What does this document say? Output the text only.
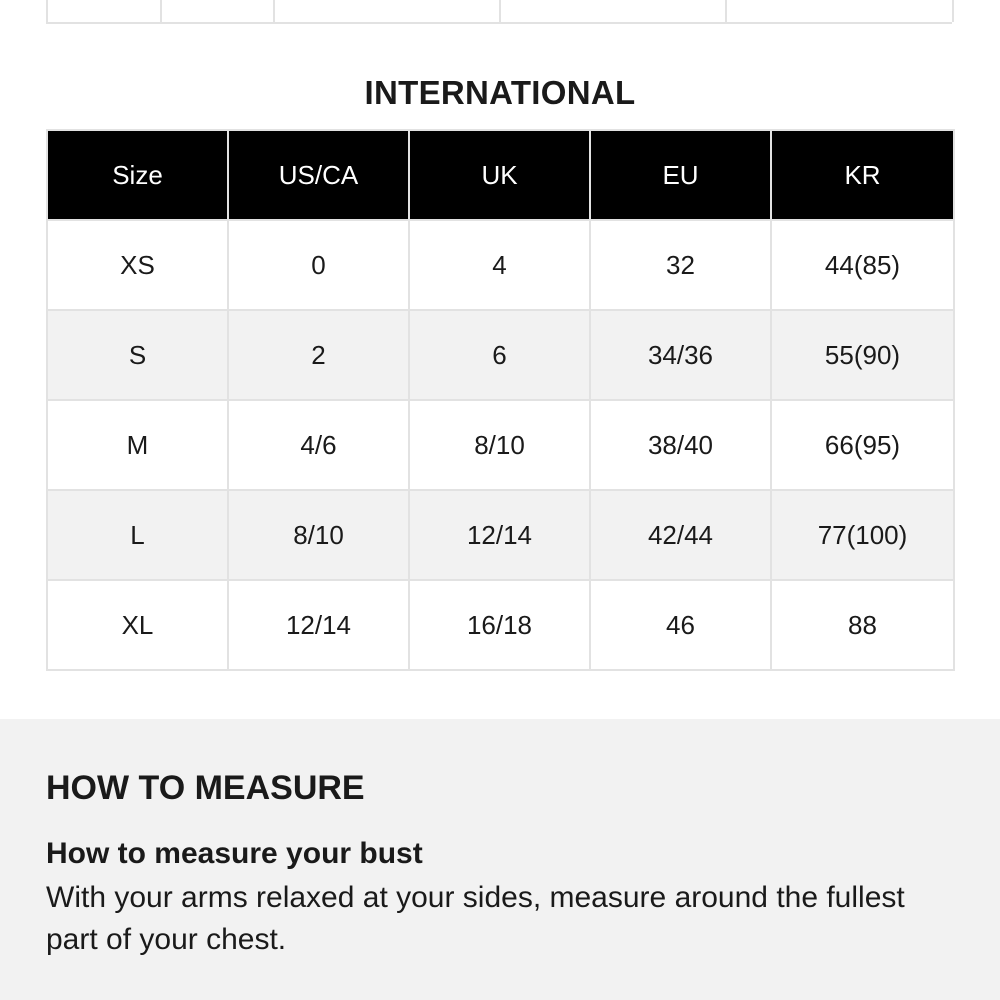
INTERNATIONAL
Size	US/CA	UK	EU	KR
XS	0	4	32	44(85)
S	2	6	34/36	55(90)
M	4/6	8/10	38/40	66(95)
L	8/10	12/14	42/44	77(100)
XL	12/14	16/18	46	88
HOW TO MEASURE
How to measure your bust
With your arms relaxed at your sides, measure around the fullest part of your chest.
